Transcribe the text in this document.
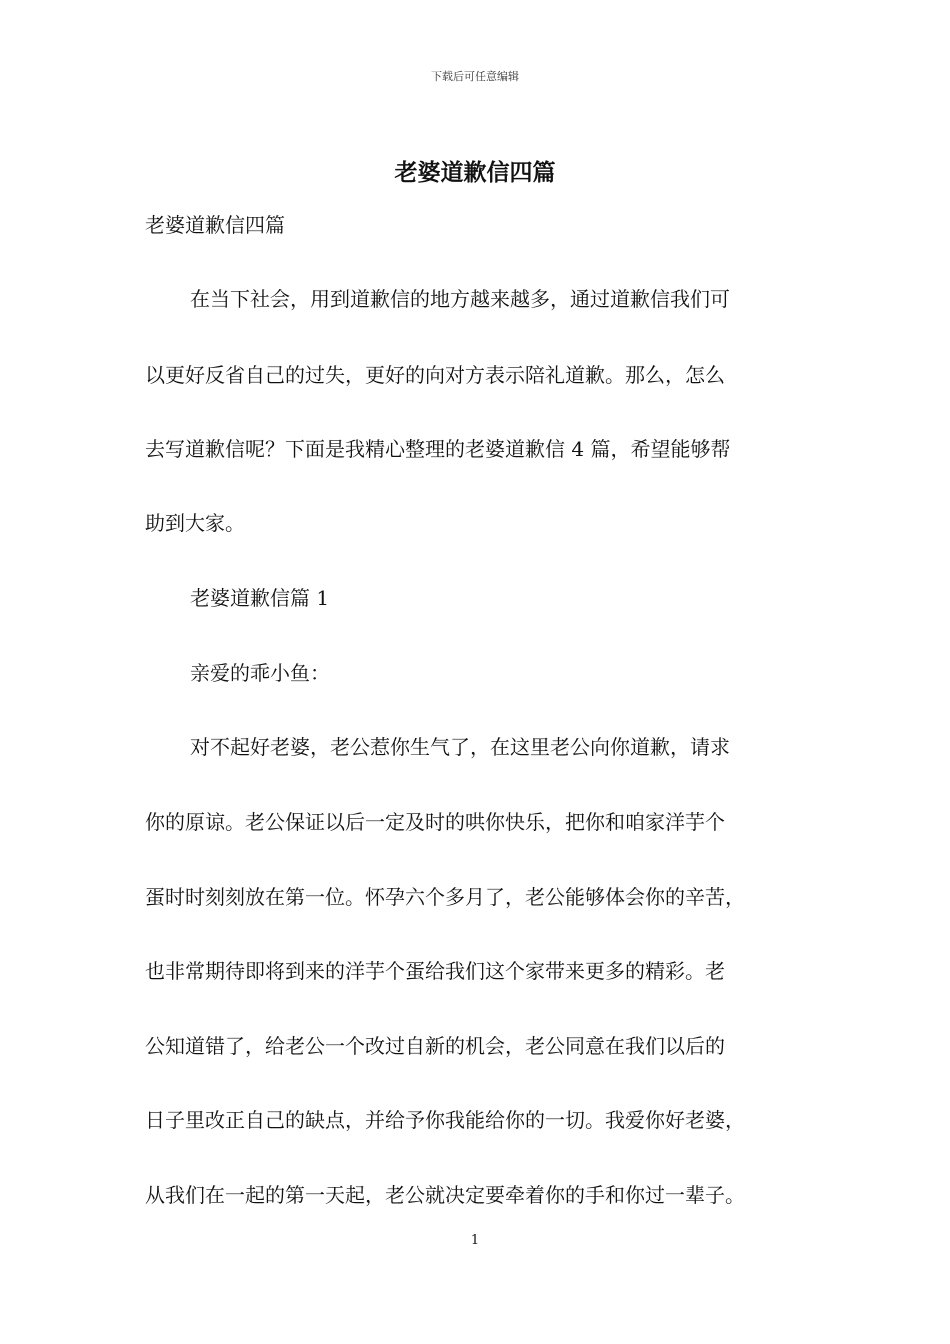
下载后可任意编辑
老婆道歉信四篇
老婆道歉信四篇
在当下社会，用到道歉信的地方越来越多，通过道歉信我们可
以更好反省自己的过失，更好的向对方表示陪礼道歉。那么，怎么
去写道歉信呢？下面是我精心整理的老婆道歉信 4 篇，希望能够帮
助到大家。
老婆道歉信篇 1
亲爱的乖小鱼：
对不起好老婆，老公惹你生气了，在这里老公向你道歉，请求
你的原谅。老公保证以后一定及时的哄你快乐，把你和咱家洋芋个
蛋时时刻刻放在第一位。怀孕六个多月了，老公能够体会你的辛苦，
也非常期待即将到来的洋芋个蛋给我们这个家带来更多的精彩。老
公知道错了，给老公一个改过自新的机会，老公同意在我们以后的
日子里改正自己的缺点，并给予你我能给你的一切。我爱你好老婆，
从我们在一起的第一天起，老公就决定要牵着你的手和你过一辈子。
1
